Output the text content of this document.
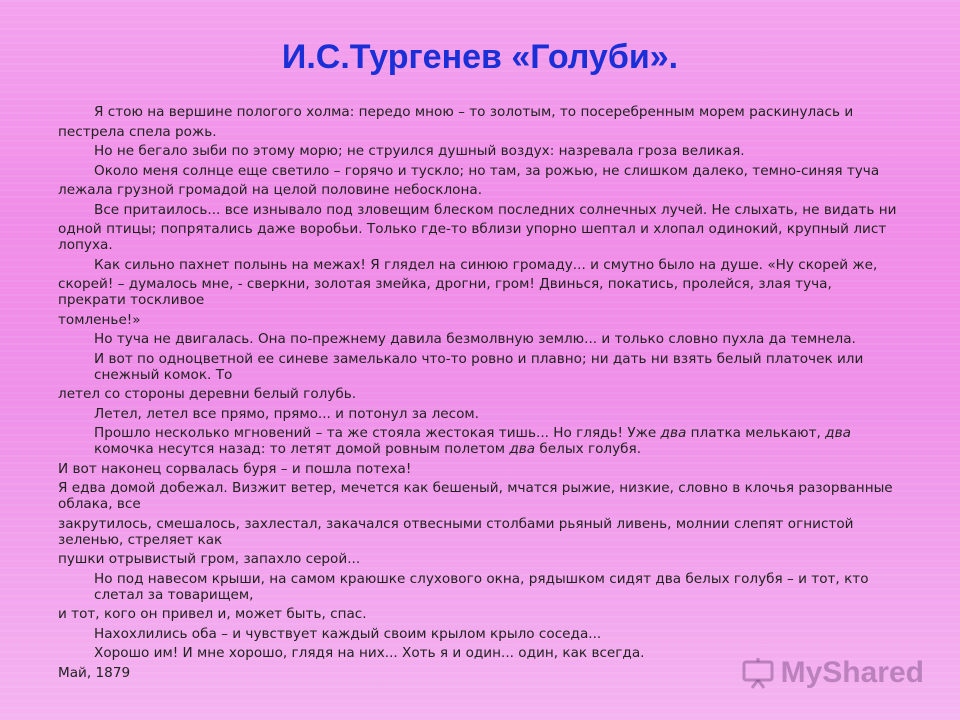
И.С.Тургенев «Голуби».
Я стою на вершине пологого холма: передо мною – то золотым, то посеребренным морем раскинулась и
пестрела спела рожь.
Но не бегало зыби по этому морю; не струился душный воздух: назревала гроза великая.
Около меня солнце еще светило – горячо и тускло; но там, за рожью, не слишком далеко, темно-синяя туча
лежала грузной громадой на целой половине небосклона.
Все притаилось... все изнывало под зловещим блеском последних солнечных лучей. Не слыхать, не видать ни
одной птицы; попрятались даже воробьи. Только где-то вблизи упорно шептал и хлопал одинокий, крупный лист лопуха.
Как сильно пахнет полынь на межах! Я глядел на синюю громаду... и смутно было на душе. «Ну скорей же,
скорей! – думалось мне, - сверкни, золотая змейка, дрогни, гром! Двинься, покатись, пролейся, злая туча, прекрати тоскливое
томленье!»
Но туча не двигалась. Она по-прежнему давила безмолвную землю... и только словно пухла да темнела.
И вот по одноцветной ее синеве замелькало что-то ровно и плавно; ни дать ни взять белый платочек или снежный комок. То
летел со стороны деревни белый голубь.
Летел, летел все прямо, прямо... и потонул за лесом.
Прошло несколько мгновений – та же стояла жестокая тишь... Но глядь! Уже два платка мелькают, два комочка несутся назад: то летят домой ровным полетом два белых голубя.
И вот наконец сорвалась буря – и пошла потеха!
Я едва домой добежал. Визжит ветер, мечется как бешеный, мчатся рыжие, низкие, словно в клочья разорванные облака, все
закрутилось, смешалось, захлестал, закачался отвесными столбами рьяный ливень, молнии слепят огнистой зеленью, стреляет как
пушки отрывистый гром, запахло серой...
Но под навесом крыши, на самом краюшке слухового окна, рядышком сидят два белых голубя – и тот, кто слетал за товарищем,
и тот, кого он привел и, может быть, спас.
Нахохлились оба – и чувствует каждый своим крылом крыло соседа...
Хорошо им! И мне хорошо, глядя на них... Хоть я и один... один, как всегда.
Май, 1879	MyShared
